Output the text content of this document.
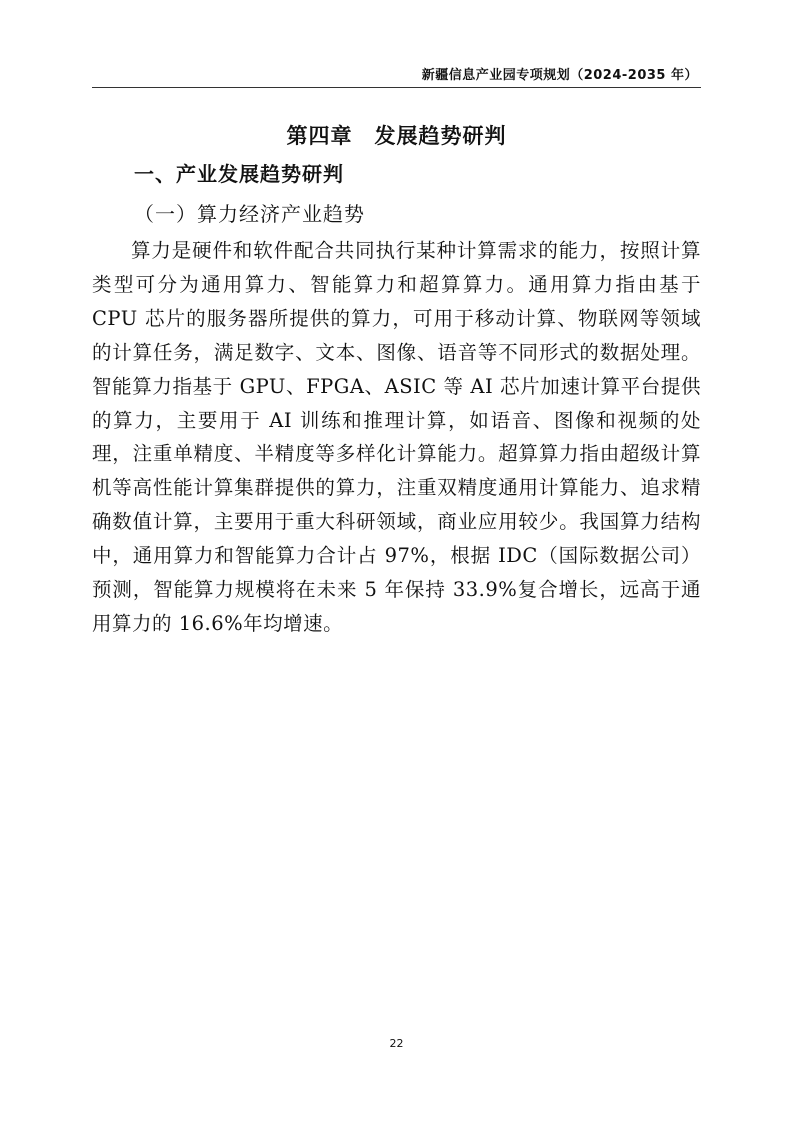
新疆信息产业园专项规划（2024-2035 年）
第四章　发展趋势研判
一、产业发展趋势研判
（一）算力经济产业趋势

算力是硬件和软件配合共同执行某种计算需求的能力，按照计算类型可分为通用算力、智能算力和超算算力。通用算力指由基于 CPU 芯片的服务器所提供的算力，可用于移动计算、物联网等领域的计算任务，满足数字、文本、图像、语音等不同形式的数据处理。智能算力指基于 GPU、FPGA、ASIC 等 AI 芯片加速计算平台提供的算力，主要用于 AI 训练和推理计算，如语音、图像和视频的处理，注重单精度、半精度等多样化计算能力。超算算力指由超级计算机等高性能计算集群提供的算力，注重双精度通用计算能力、追求精确数值计算，主要用于重大科研领域，商业应用较少。我国算力结构中，通用算力和智能算力合计占 97%，根据 IDC（国际数据公司）预测，智能算力规模将在未来 5 年保持 33.9%复合增长，远高于通用算力的 16.6%年均增速。

22
